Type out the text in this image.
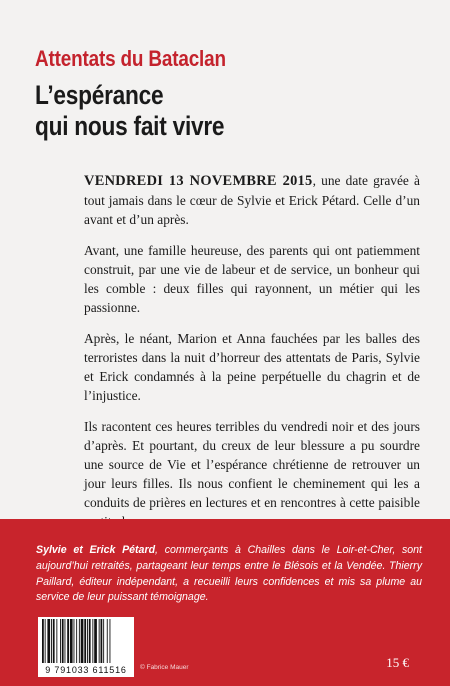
Attentats du Bataclan
L’espérance
qui nous fait vivre

VENDREDI 13 NOVEMBRE 2015, une date gravée à tout jamais dans le cœur de Sylvie et Erick Pétard. Celle d’un avant et d’un après.

Avant, une famille heureuse, des parents qui ont patiemment construit, par une vie de labeur et de service, un bonheur qui les comble : deux filles qui rayonnent, un métier qui les passionne.

Après, le néant, Marion et Anna fauchées par les balles des terroristes dans la nuit d’horreur des attentats de Paris, Sylvie et Erick condamnés à la peine perpétuelle du chagrin et de l’injustice.

Ils racontent ces heures terribles du vendredi noir et des jours d’après. Et pourtant, du creux de leur blessure a pu sourdre une source de Vie et l’espérance chrétienne de retrouver un jour leurs filles. Ils nous confient le cheminement qui les a conduits de prières en lectures et en rencontres à cette paisible

Sylvie et Erick Pétard, commerçants à Chailles dans le Loir-et-Cher, sont aujourd’hui retraités, partageant leur temps entre le Blésois et la Vendée. Thierry Paillard, éditeur indépendant, a recueilli leurs confidences et mis sa plume au service de leur puissant témoignage.
9 791033 611516	© Fabrice Mauer	15 €
